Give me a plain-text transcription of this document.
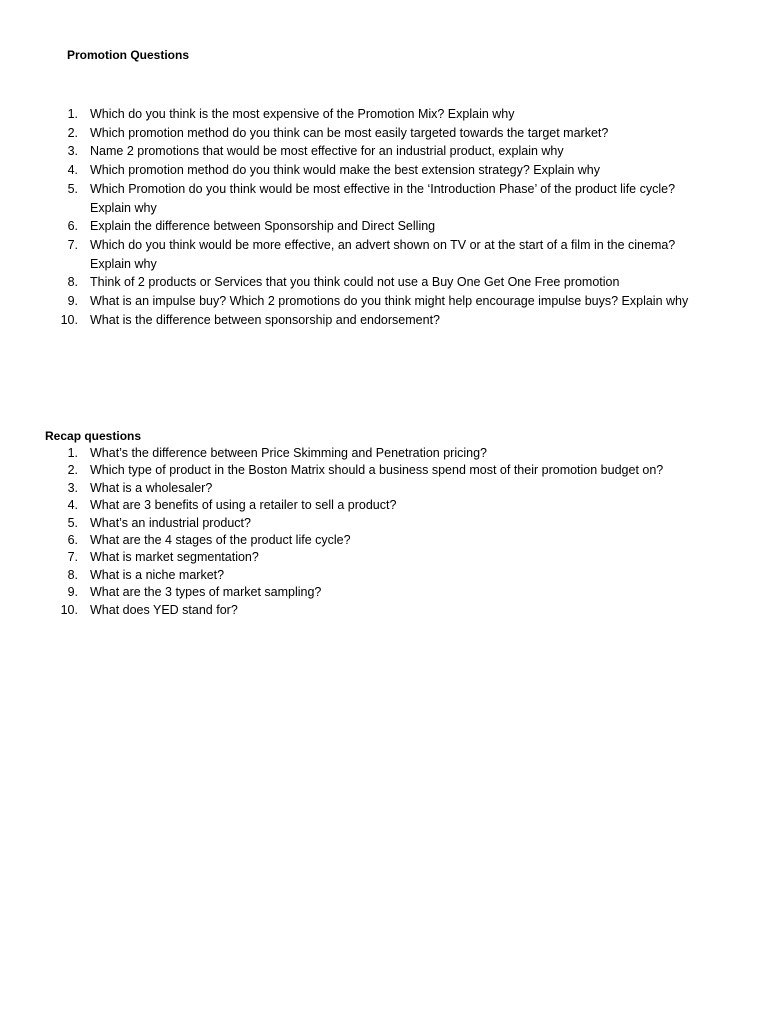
Promotion Questions
1. Which do you think is the most expensive of the Promotion Mix? Explain why
2. Which promotion method do you think can be most easily targeted towards the target market?
3. Name 2 promotions that would be most effective for an industrial product, explain why
4. Which promotion method do you think would make the best extension strategy? Explain why
5. Which Promotion do you think would be most effective in the ‘Introduction Phase’ of the product life cycle? Explain why
6. Explain the difference between Sponsorship and Direct Selling
7. Which do you think would be more effective, an advert shown on TV or at the start of a film in the cinema? Explain why
8. Think of 2 products or Services that you think could not use a Buy One Get One Free promotion
9. What is an impulse buy? Which 2 promotions do you think might help encourage impulse buys? Explain why
10. What is the difference between sponsorship and endorsement?
Recap questions
1. What’s the difference between Price Skimming and Penetration pricing?
2. Which type of product in the Boston Matrix should a business spend most of their promotion budget on?
3. What is a wholesaler?
4. What are 3 benefits of using a retailer to sell a product?
5. What’s an industrial product?
6. What are the 4 stages of the product life cycle?
7. What is market segmentation?
8. What is a niche market?
9. What are the 3 types of market sampling?
10. What does YED stand for?
